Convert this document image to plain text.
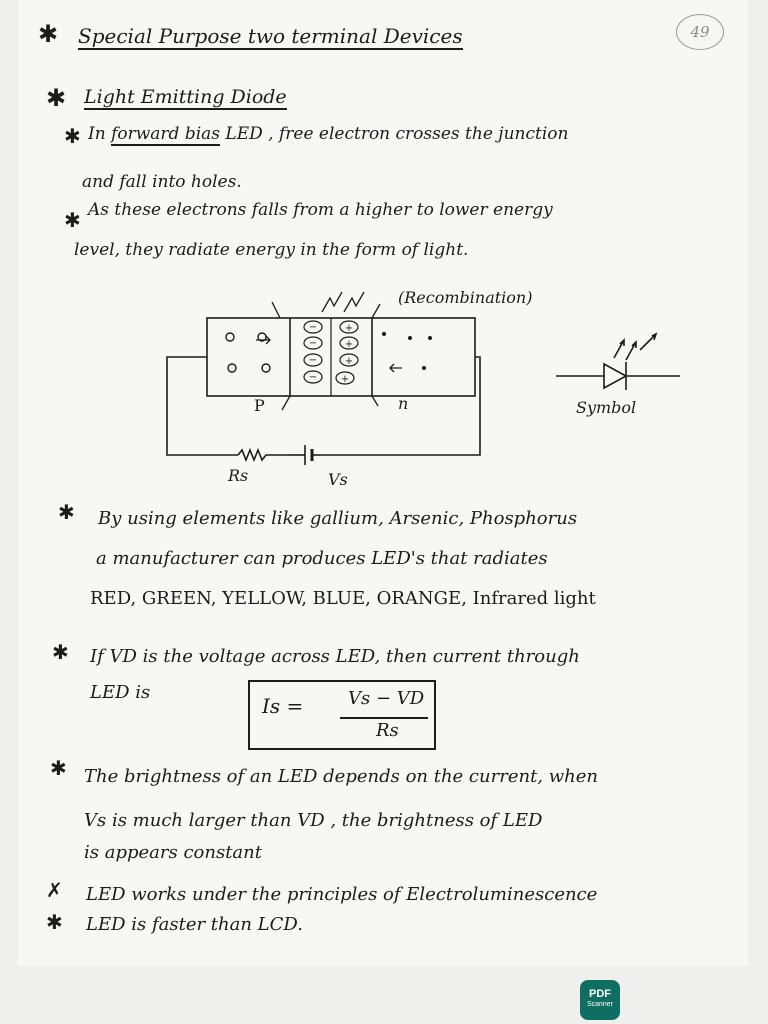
49
✱ Special Purpose two terminal Devices
✱ Light Emitting Diode
✱ In forward bias LED , free electron crosses the junction
and fall into holes.
✱ As these electrons falls from a higher to lower energy
level, they radiate energy in the form of light.
−
−
−
−
+
+
+
+
(Recombination)
P	n
Rs	Vs
Symbol
✱ By using elements like gallium, Arsenic, Phosphorus
a manufacturer can produces LED's that radiates
RED, GREEN, YELLOW, BLUE, ORANGE, Infrared light
✱ If VD is the voltage across LED, then current through
LED is
Is = Vs − VD
Rs
✱ The brightness of an LED depends on the current, when
Vs is much larger than VD , the brightness of LED
is appears constant
✗ LED works under the principles of Electroluminescence
✱ LED is faster than LCD.
PDF
Scanner
